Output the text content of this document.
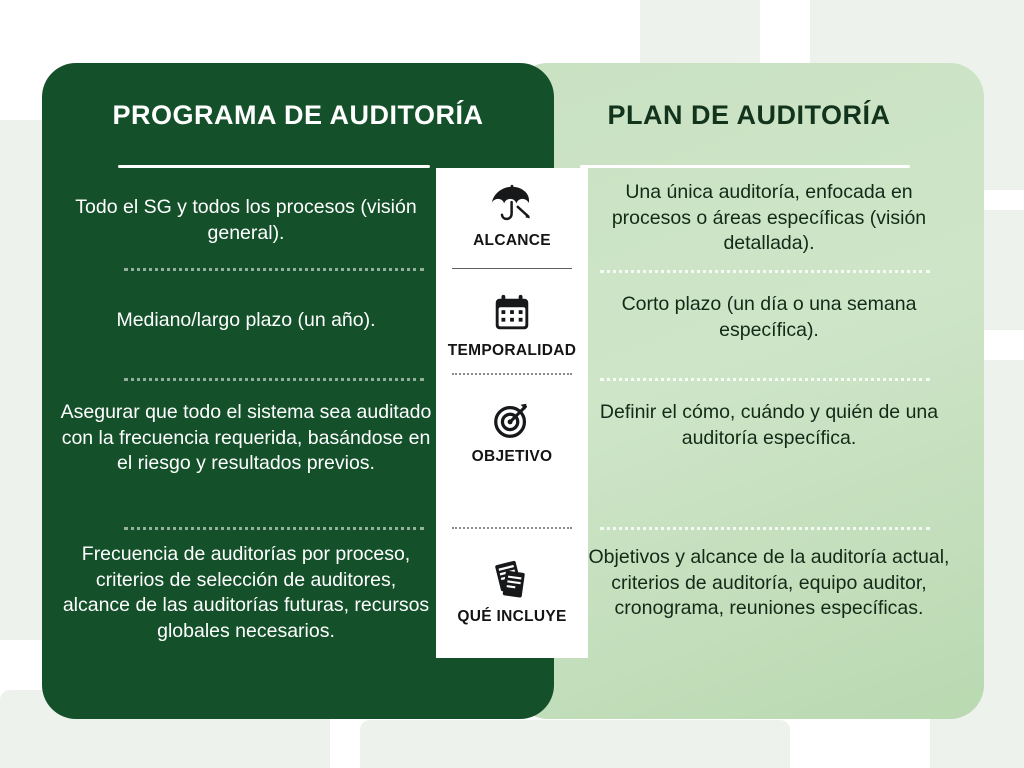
PROGRAMA DE AUDITORÍA	PLAN DE AUDITORÍA
Todo el SG y todos los procesos (visión general).
Una única auditoría, enfocada en procesos o áreas específicas (visión detallada).
ALCANCE
Mediano/largo plazo (un año).
Corto plazo (un día o una semana específica).
TEMPORALIDAD
Asegurar que todo el sistema sea auditado con la frecuencia requerida, basándose en el riesgo y resultados previos.
Definir el cómo, cuándo y quién de una auditoría específica.
OBJETIVO
Frecuencia de auditorías por proceso, criterios de selección de auditores, alcance de las auditorías futuras, recursos globales necesarios.
Objetivos y alcance de la auditoría actual, criterios de auditoría, equipo auditor, cronograma, reuniones específicas.
QUÉ INCLUYE
